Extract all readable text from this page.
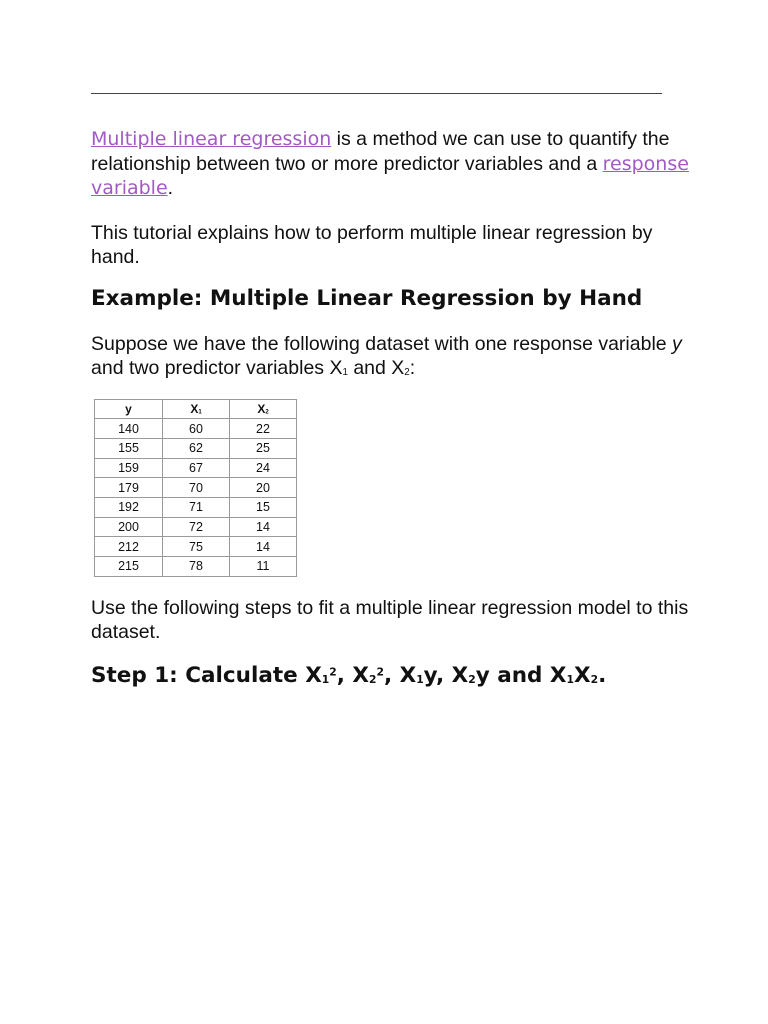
Multiple linear regression is a method we can use to quantify the relationship between two or more predictor variables and a response variable.

This tutorial explains how to perform multiple linear regression by hand.

Example: Multiple Linear Regression by Hand

Suppose we have the following dataset with one response variable y and two predictor variables $X_1$ and $X_2$:

y	$X_1$	$X_2$
140	60	22
155	62	25
159	67	24
179	70	20
192	71	15
200	72	14
212	75	14
215	78	11

Use the following steps to fit a multiple linear regression model to this dataset.

Step 1: Calculate $X_1^2$, $X_2^2$, $X_1y$, $X_2y$ and $X_1X_2$.
